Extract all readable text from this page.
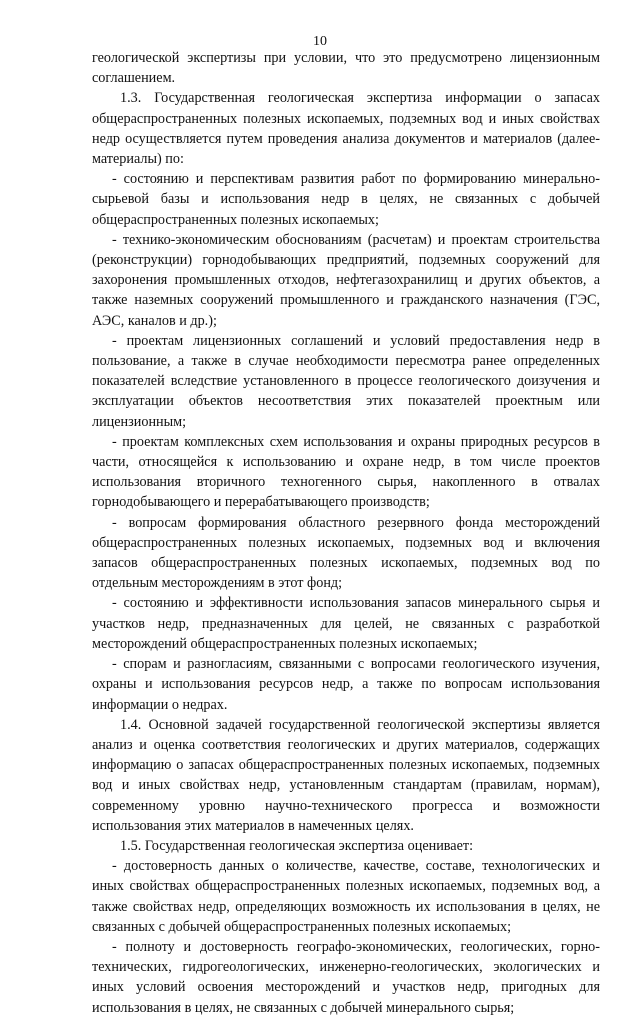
10

геологической экспертизы при условии, что это предусмотрено лицензионным соглашением.

1.3. Государственная геологическая экспертиза информации о запасах общераспространенных полезных ископаемых, подземных вод и иных свойствах недр осуществляется путем проведения анализа документов и материалов (далее-материалы) по:

- состоянию и перспективам развития работ по формированию минерально-сырьевой базы и использования недр в целях, не связанных с добычей общераспространенных полезных ископаемых;

- технико-экономическим обоснованиям (расчетам) и проектам строительства (реконструкции) горнодобывающих предприятий, подземных сооружений для захоронения промышленных отходов, нефтегазохранилищ и других объектов, а также наземных сооружений промышленного и гражданского назначения (ГЭС, АЭС, каналов и др.);

- проектам лицензионных соглашений и условий предоставления недр в пользование, а также в случае необходимости пересмотра ранее определенных показателей вследствие установленного в процессе геологического доизучения и эксплуатации объектов несоответствия этих показателей проектным или лицензионным;

- проектам комплексных схем использования и охраны природных ресурсов в части, относящейся к использованию и охране недр, в том числе проектов использования вторичного техногенного сырья, накопленного в отвалах горнодобывающего и перерабатывающего производств;

- вопросам формирования областного резервного фонда месторождений общераспространенных полезных ископаемых, подземных вод и включения запасов общераспространенных полезных ископаемых, подземных вод по отдельным месторождениям в этот фонд;

- состоянию и эффективности использования запасов минерального сырья и участков недр, предназначенных для целей, не связанных с разработкой месторождений общераспространенных полезных ископаемых;

- спорам и разногласиям, связанными с вопросами геологического изучения, охраны и использования ресурсов недр, а также по вопросам использования информации о недрах.

1.4. Основной задачей государственной геологической экспертизы является анализ и оценка соответствия геологических и других материалов, содержащих информацию о запасах общераспространенных полезных ископаемых, подземных вод и иных свойствах недр, установленным стандартам (правилам, нормам), современному уровню научно-технического прогресса и возможности использования этих материалов в намеченных целях.

1.5. Государственная геологическая экспертиза оценивает:

- достоверность данных о количестве, качестве, составе, технологических и иных свойствах общераспространенных полезных ископаемых, подземных вод, а также свойствах недр, определяющих возможность их использования в целях, не связанных с добычей общераспространенных полезных ископаемых;

- полноту и достоверность географо-экономических, геологических, горно-технических, гидрогеологических, инженерно-геологических, экологических и иных условий освоения месторождений и участков недр, пригодных для использования в целях, не связанных с добычей минерального сырья;
